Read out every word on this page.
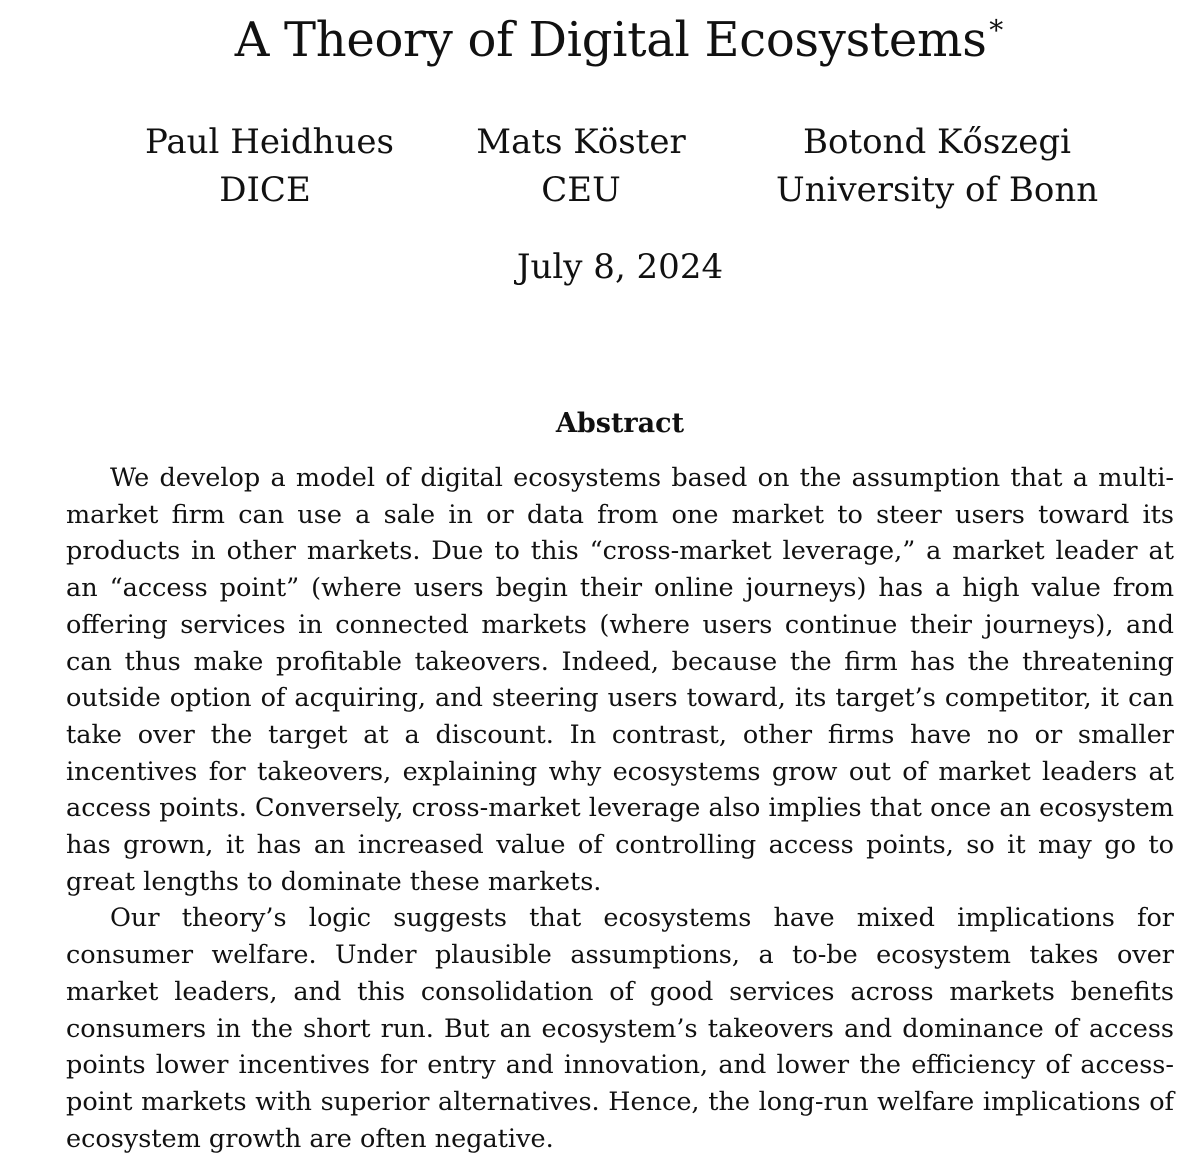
A Theory of Digital Ecosystems∗
Paul Heidhues
DICE
Mats Köster
CEU
Botond Kőszegi
University of Bonn
July 8, 2024
Abstract

We develop a model of digital ecosystems based on the assumption that a multi-market firm can use a sale in or data from one market to steer users toward its products in other markets. Due to this “cross-market leverage,” a market leader at an “access point” (where users begin their online journeys) has a high value from offering services in connected markets (where users continue their journeys), and can thus make profitable takeovers. Indeed, because the firm has the threatening outside option of acquiring, and steering users toward, its target’s competitor, it can take over the target at a discount. In contrast, other firms have no or smaller incentives for takeovers, explaining why ecosystems grow out of market leaders at access points. Conversely, cross-market leverage also implies that once an ecosystem has grown, it has an increased value of controlling access points, so it may go to great lengths to dominate these markets.

Our theory’s logic suggests that ecosystems have mixed implications for consumer welfare. Under plausible assumptions, a to-be ecosystem takes over market leaders, and this consolidation of good services across markets benefits consumers in the short run. But an ecosystem’s takeovers and dominance of access points lower incentives for entry and innovation, and lower the efficiency of access-point markets with superior alternatives. Hence, the long-run welfare implications of ecosystem growth are often negative.
